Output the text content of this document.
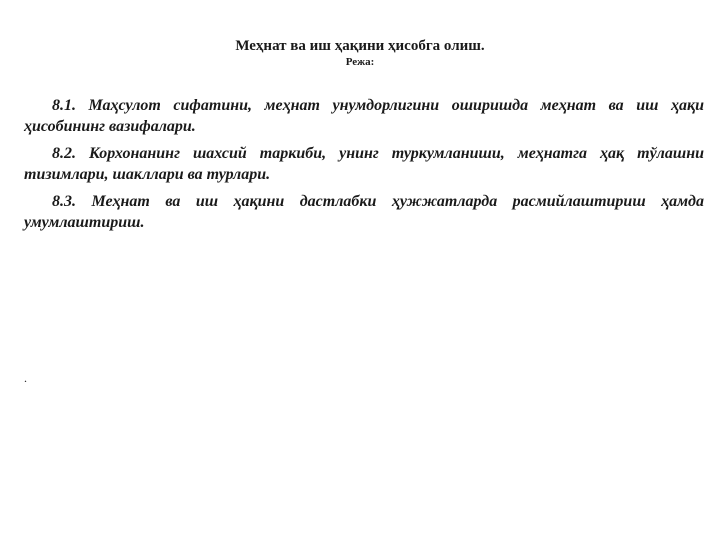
Меҳнат ва иш ҳақини ҳисобга олиш.
Режа:

8.1. Маҳсулот сифатини, меҳнат унумдорлигини оширишда меҳнат ва иш ҳақи ҳисобининг вазифалари.

8.2. Корхонанинг шахсий таркиби, унинг туркумланиши, меҳнатга ҳақ тўлашни тизимлари, шакллари ва турлари.

8.3. Меҳнат ва иш ҳақини дастлабки ҳужжатларда расмийлаштириш ҳамда умумлаштириш.

.
